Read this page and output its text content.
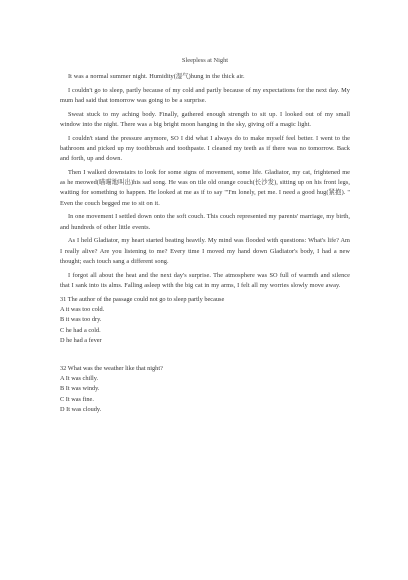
Sleepless at Night

It was a normal summer night. Humidity(湿气)hung in the thick air.

I couldn't go to sleep, partly because of my cold and partly because of my expectations for the next day. My mum had said that tomorrow was going to be a surprise.

Sweat stuck to my aching body. Finally, gathered enough strength to sit up. I looked out of my small window into the night. There was a big bright moon hanging in the sky, giving off a magic light.

I couldn't stand the pressure anymore, SO I did what I always do to make myself feel better. I went to the bathroom and picked up my toothbrush and toothpaste. I cleaned my teeth as if there was no tomorrow. Back and forth, up and down.

Then I walked downstairs to look for some signs of movement, some life. Gladiator, my cat, frightened me as he meowed(喵喵地叫出)his sad song. He was on tile old orange couch(长沙发), sitting up on his front legs, waiting for something to happen. He looked at me as if to say "'I'm lonely, pet me. I need a good hug(紧抱). " Even the couch begged me to sit on it.

In one movement I settled down onto the soft couch. This couch represented my parents' marriage, my birth, and hundreds of other little events.

As I held Gladiator, my heart started beating heavily. My mind was flooded with questions: What's life? Am I really alive? Are you listening to me? Every time I moved my hand down Gladiator's body, I had a new thought; each touch sang a different song.

I forgot all about the heat and the next day's surprise. The atmosphere was SO full of warmth and silence that I sank into its alms. Falling asleep with the big cat in my arms, I felt all my worries slowly move away.

31 The author of the passage could not go to sleep partly because

A it was too cold.

B it was too dry.

C he had a cold.

D he had a fever

32 What was the weather like that night?

A It was chilly.

B It was windy.

C It was fine.

D It was cloudy.
